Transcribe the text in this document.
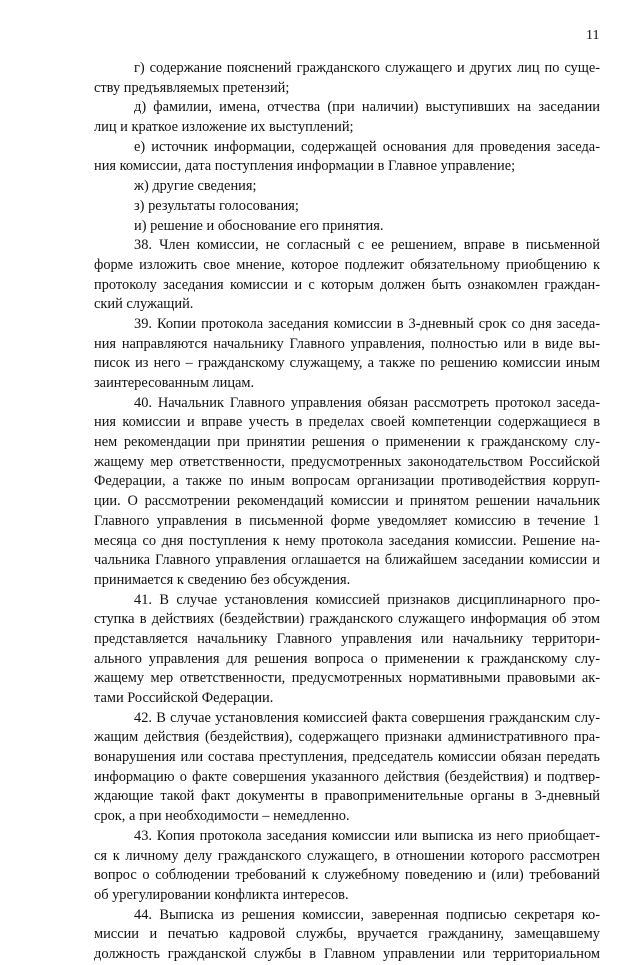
11
г) содержание пояснений гражданского служащего и других лиц по суще-
ству предъявляемых претензий;
д) фамилии, имена, отчества (при наличии) выступивших на заседании
лиц и краткое изложение их выступлений;
е) источник информации, содержащей основания для проведения заседа-
ния комиссии, дата поступления информации в Главное управление;
ж) другие сведения;
з) результаты голосования;
и) решение и обоснование его принятия.
38. Член комиссии, не согласный с ее решением, вправе в письменной
форме изложить свое мнение, которое подлежит обязательному приобщению к
протоколу заседания комиссии и с которым должен быть ознакомлен граждан-
ский служащий.
39. Копии протокола заседания комиссии в 3-дневный срок со дня заседа-
ния направляются начальнику Главного управления, полностью или в виде вы-
писок из него – гражданскому служащему, а также по решению комиссии иным
заинтересованным лицам.
40. Начальник Главного управления обязан рассмотреть протокол заседа-
ния комиссии и вправе учесть в пределах своей компетенции содержащиеся в
нем рекомендации при принятии решения о применении к гражданскому слу-
жащему мер ответственности, предусмотренных законодательством Российской
Федерации, а также по иным вопросам организации противодействия корруп-
ции. О рассмотрении рекомендаций комиссии и принятом решении начальник
Главного управления в письменной форме уведомляет комиссию в течение 1
месяца со дня поступления к нему протокола заседания комиссии. Решение на-
чальника Главного управления оглашается на ближайшем заседании комиссии и
принимается к сведению без обсуждения.
41. В случае установления комиссией признаков дисциплинарного про-
ступка в действиях (бездействии) гражданского служащего информация об этом
представляется начальнику Главного управления или начальнику территори-
ального управления для решения вопроса о применении к гражданскому слу-
жащему мер ответственности, предусмотренных нормативными правовыми ак-
тами Российской Федерации.
42. В случае установления комиссией факта совершения гражданским слу-
жащим действия (бездействия), содержащего признаки административного пра-
вонарушения или состава преступления, председатель комиссии обязан передать
информацию о факте совершения указанного действия (бездействия) и подтвер-
ждающие такой факт документы в правоприменительные органы в 3-дневный
срок, а при необходимости – немедленно.
43. Копия протокола заседания комиссии или выписка из него приобщает-
ся к личному делу гражданского служащего, в отношении которого рассмотрен
вопрос о соблюдении требований к служебному поведению и (или) требований
об урегулировании конфликта интересов.
44. Выписка из решения комиссии, заверенная подписью секретаря ко-
миссии и печатью кадровой службы, вручается гражданину, замещавшему
должность гражданской службы в Главном управлении или территориальном
